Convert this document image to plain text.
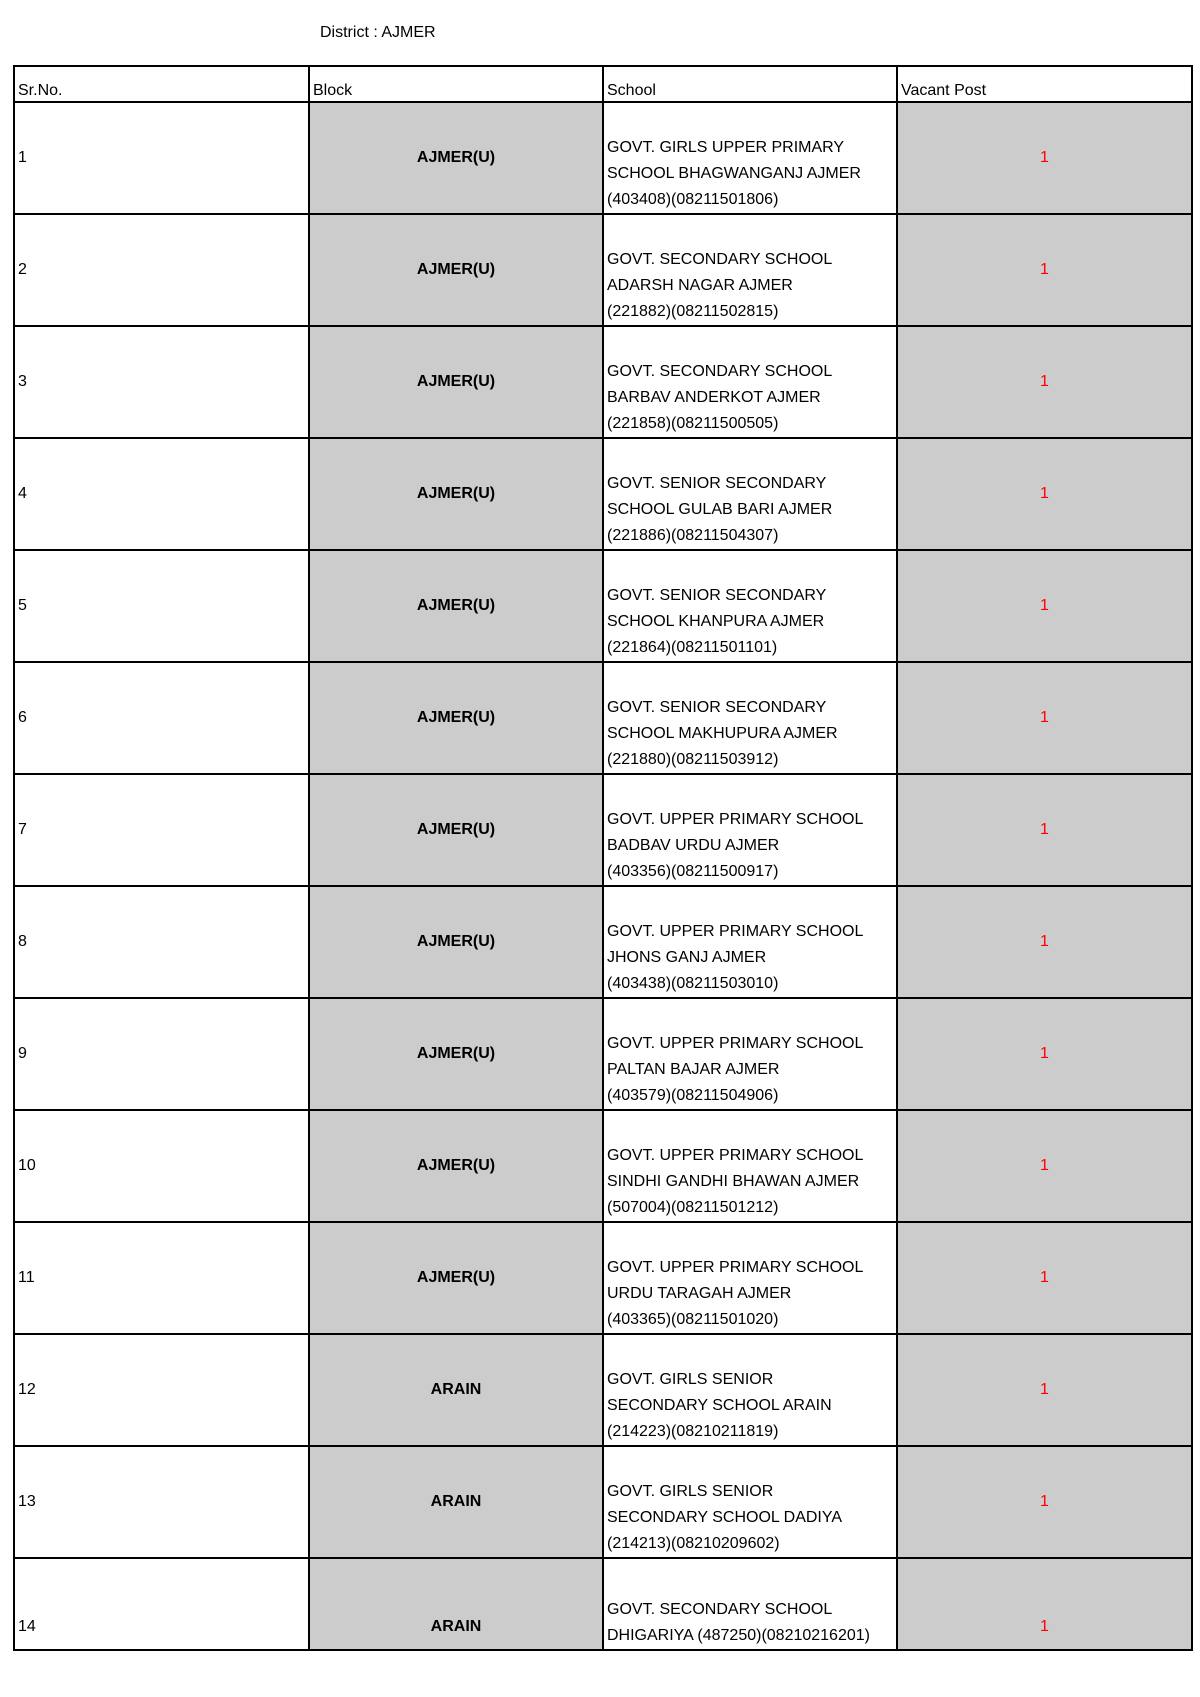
District : AJMER
Sr.No.	Block	School	Vacant Post
1	AJMER(U)	GOVT. GIRLS UPPER PRIMARY
SCHOOL BHAGWANGANJ AJMER
(403408)(08211501806)	1
2	AJMER(U)	GOVT. SECONDARY SCHOOL
ADARSH NAGAR AJMER
(221882)(08211502815)	1
3	AJMER(U)	GOVT. SECONDARY SCHOOL
BARBAV ANDERKOT AJMER
(221858)(08211500505)	1
4	AJMER(U)	GOVT. SENIOR SECONDARY
SCHOOL GULAB BARI AJMER
(221886)(08211504307)	1
5	AJMER(U)	GOVT. SENIOR SECONDARY
SCHOOL KHANPURA AJMER
(221864)(08211501101)	1
6	AJMER(U)	GOVT. SENIOR SECONDARY
SCHOOL MAKHUPURA AJMER
(221880)(08211503912)	1
7	AJMER(U)	GOVT. UPPER PRIMARY SCHOOL
BADBAV URDU AJMER
(403356)(08211500917)	1
8	AJMER(U)	GOVT. UPPER PRIMARY SCHOOL
JHONS GANJ AJMER
(403438)(08211503010)	1
9	AJMER(U)	GOVT. UPPER PRIMARY SCHOOL
PALTAN BAJAR AJMER
(403579)(08211504906)	1
10	AJMER(U)	GOVT. UPPER PRIMARY SCHOOL
SINDHI GANDHI BHAWAN AJMER
(507004)(08211501212)	1
11	AJMER(U)	GOVT. UPPER PRIMARY SCHOOL
URDU TARAGAH AJMER
(403365)(08211501020)	1
12	ARAIN	GOVT. GIRLS SENIOR
SECONDARY SCHOOL ARAIN
(214223)(08210211819)	1
13	ARAIN	GOVT. GIRLS SENIOR
SECONDARY SCHOOL DADIYA
(214213)(08210209602)	1
14	ARAIN	GOVT. SECONDARY SCHOOL
DHIGARIYA (487250)(08210216201)	1
